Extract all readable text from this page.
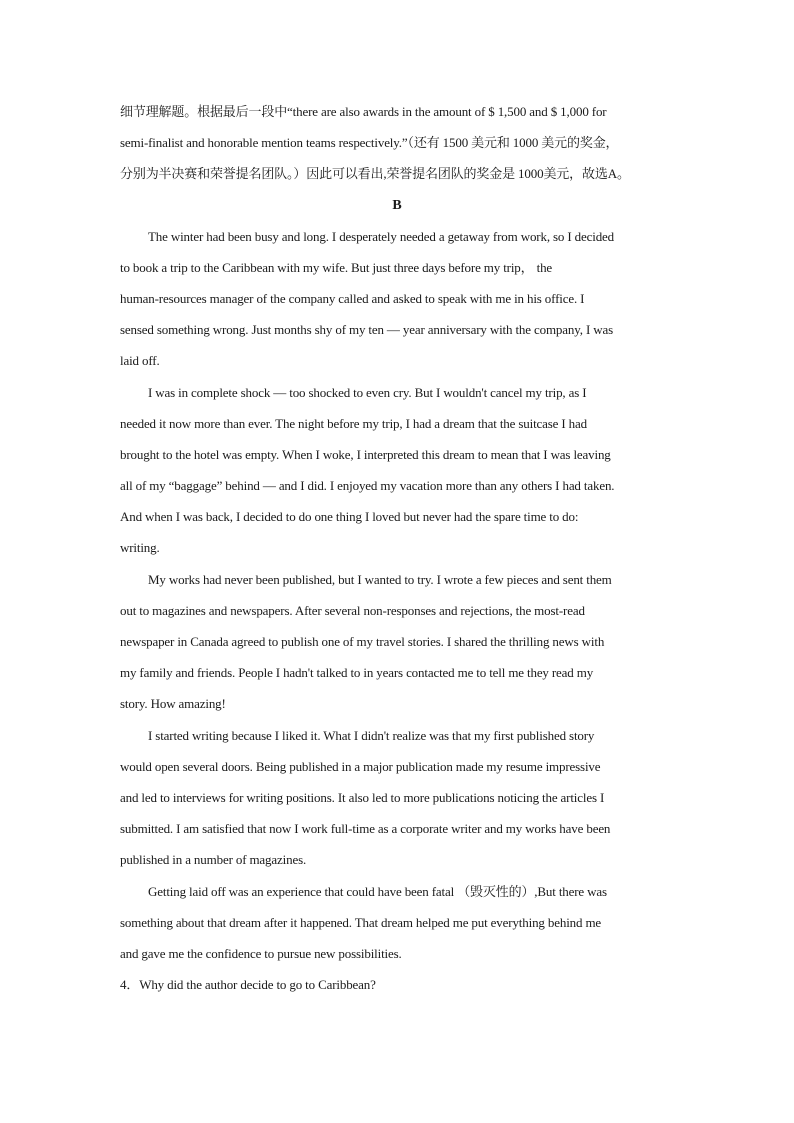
细节理解题。根据最后一段中“there are also awards in the amount of $ 1,500 and $ 1,000 for
semi-finalist and honorable mention teams respectively.”（还有 1500 美元和 1000 美元的奖金，
分别为半决赛和荣誉提名团队。）因此可以看出,荣誉提名团队的奖金是 1000美元，故选A。
B
The winter had been busy and long. I desperately needed a getaway from work, so I decided
to book a trip to the Caribbean with my wife. But just three days before my trip， the
human-resources manager of the company called and asked to speak with me in his office. I
sensed something wrong. Just months shy of my ten — year anniversary with the company, I was
laid off.
I was in complete shock — too shocked to even cry. But I wouldn't cancel my trip, as I
needed it now more than ever. The night before my trip, I had a dream that the suitcase I had
brought to the hotel was empty. When I woke, I interpreted this dream to mean that I was leaving
all of my “baggage” behind — and I did. I enjoyed my vacation more than any others I had taken.
And when I was back, I decided to do one thing I loved but never had the spare time to do:
writing.
My works had never been published, but I wanted to try. I wrote a few pieces and sent them
out to magazines and newspapers. After several non-responses and rejections, the most-read
newspaper in Canada agreed to publish one of my travel stories. I shared the thrilling news with
my family and friends. People I hadn't talked to in years contacted me to tell me they read my
story. How amazing!
I started writing because I liked it. What I didn't realize was that my first published story
would open several doors. Being published in a major publication made my resume impressive
and led to interviews for writing positions. It also led to more publications noticing the articles I
submitted. I am satisfied that now I work full-time as a corporate writer and my works have been
published in a number of magazines.
Getting laid off was an experience that could have been fatal （毁灭性的）,But there was
something about that dream after it happened. That dream helped me put everything behind me
and gave me the confidence to pursue new possibilities.
4．Why did the author decide to go to Caribbean?
